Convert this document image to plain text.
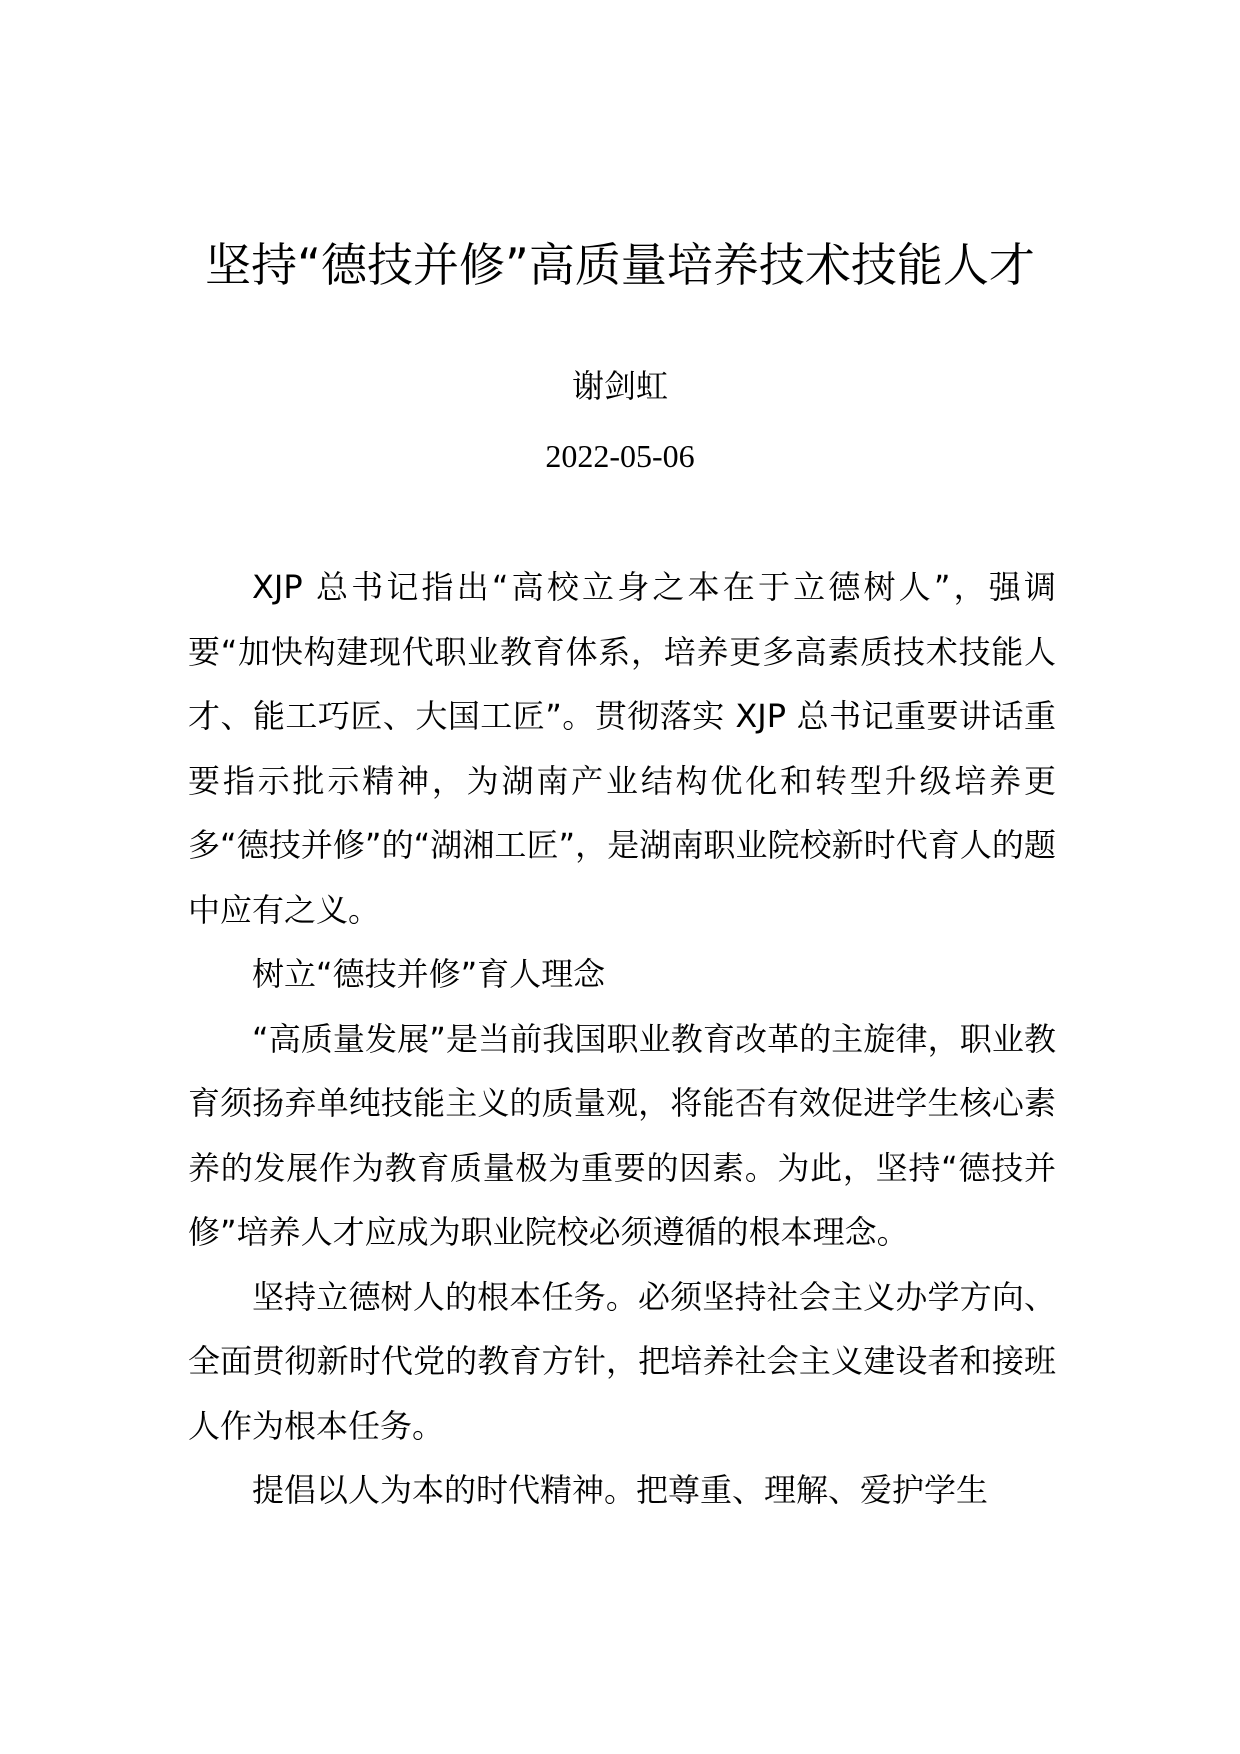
坚持“德技并修”高质量培养技术技能人才
谢剑虹
2022-05-06

XJP 总书记指出“高校立身之本在于立德树人”，强调要“加快构建现代职业教育体系，培养更多高素质技术技能人才、能工巧匠、大国工匠”。贯彻落实 XJP 总书记重要讲话重要指示批示精神，为湖南产业结构优化和转型升级培养更多“德技并修”的“湖湘工匠”，是湖南职业院校新时代育人的题中应有之义。

树立“德技并修”育人理念

“高质量发展”是当前我国职业教育改革的主旋律，职业教育须扬弃单纯技能主义的质量观，将能否有效促进学生核心素养的发展作为教育质量极为重要的因素。为此，坚持“德技并修”培养人才应成为职业院校必须遵循的根本理念。

坚持立德树人的根本任务。必须坚持社会主义办学方向、全面贯彻新时代党的教育方针，把培养社会主义建设者和接班人作为根本任务。

提倡以人为本的时代精神。把尊重、理解、爱护学生
